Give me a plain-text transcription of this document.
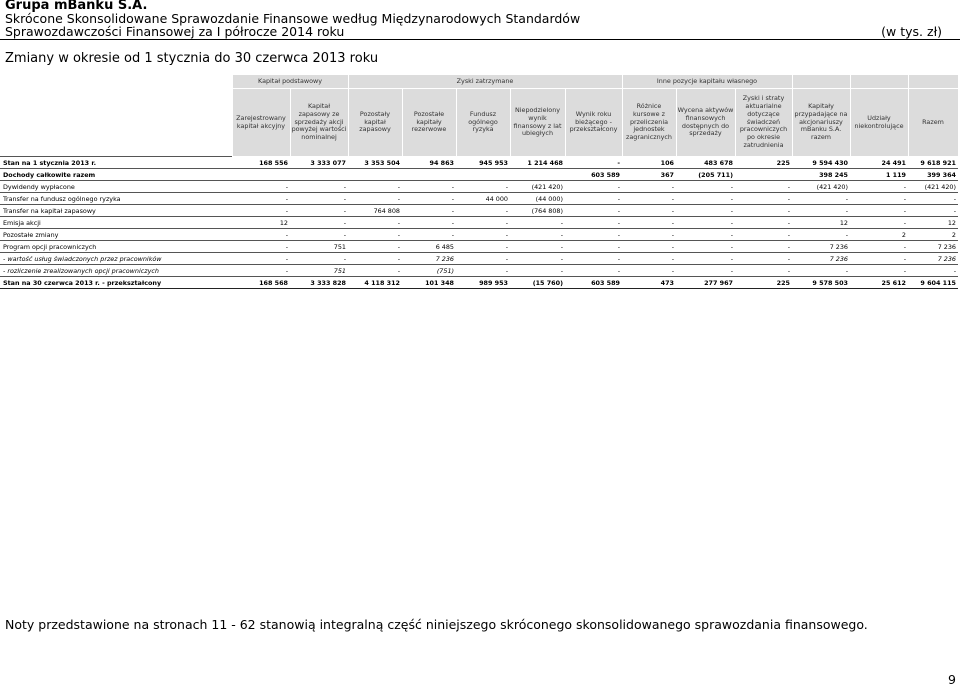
Grupa mBanku S.A.
Skrócone Skonsolidowane Sprawozdanie Finansowe według Międzynarodowych Standardów
Sprawozdawczości Finansowej za I półrocze 2014 roku	(w tys. zł)
Zmiany w okresie od 1 stycznia do 30 czerwca 2013 roku
	Kapitał podstawowy		Zyski zatrzymane					Inne pozycje kapitału własnego					
	Zarejestrowany kapitał akcyjny	Kapitał zapasowy ze sprzedaży akcji powyżej wartości nominalnej	Pozostały kapitał zapasowy	Pozostałe kapitały rezerwowe	Fundusz ogólnego ryzyka	Niepodzielony wynik finansowy z lat ubiegłych	Wynik roku bieżącego - przekształcony	Różnice kursowe z przeliczenia jednostek zagranicznych	Wycena aktywów finansowych dostępnych do sprzedaży	Zyski i straty aktuarialne dotyczące świadczeń pracowniczych po okresie zatrudnienia	Kapitały przypadające na akcjonariuszy mBanku S.A. razem	Udziały niekontrolujące	Razem
Stan na 1 stycznia 2013 r.	168 556	3 333 077	3 353 504	94 863	945 953	1 214 468	-	106	483 678	225	9 594 430	24 491	9 618 921
Dochody całkowite razem							603 589	367	(205 711)		398 245	1 119	399 364
Dywidendy wypłacone	-	-	-	-	-	(421 420)	-	-	-	-	(421 420)	-	(421 420)
Transfer na fundusz ogólnego ryzyka	-	-	-	-	44 000	(44 000)	-	-	-	-	-	-	-
Transfer na kapitał zapasowy	-	-	764 808	-	-	(764 808)	-	-	-	-	-	-	-
Emisja akcji	12	-	-	-	-	-	-	-	-	-	12	-	12
Pozostałe zmiany	-	-	-	-	-	-	-	-	-	-	-	2	2
Program opcji pracowniczych	-	751	-	6 485	-	-	-	-	-	-	7 236	-	7 236
- wartość usług świadczonych przez pracowników	-	-	-	7 236	-	-	-	-	-	-	7 236	-	7 236
- rozliczenie zrealizowanych opcji pracowniczych	-	751	-	(751)	-	-	-	-	-	-	-	-	-
Stan na 30 czerwca 2013 r. - przekształcony	168 568	3 333 828	4 118 312	101 348	989 953	(15 760)	603 589	473	277 967	225	9 578 503	25 612	9 604 115
Noty przedstawione na stronach 11 - 62 stanowią integralną część niniejszego skróconego skonsolidowanego sprawozdania finansowego.
9
